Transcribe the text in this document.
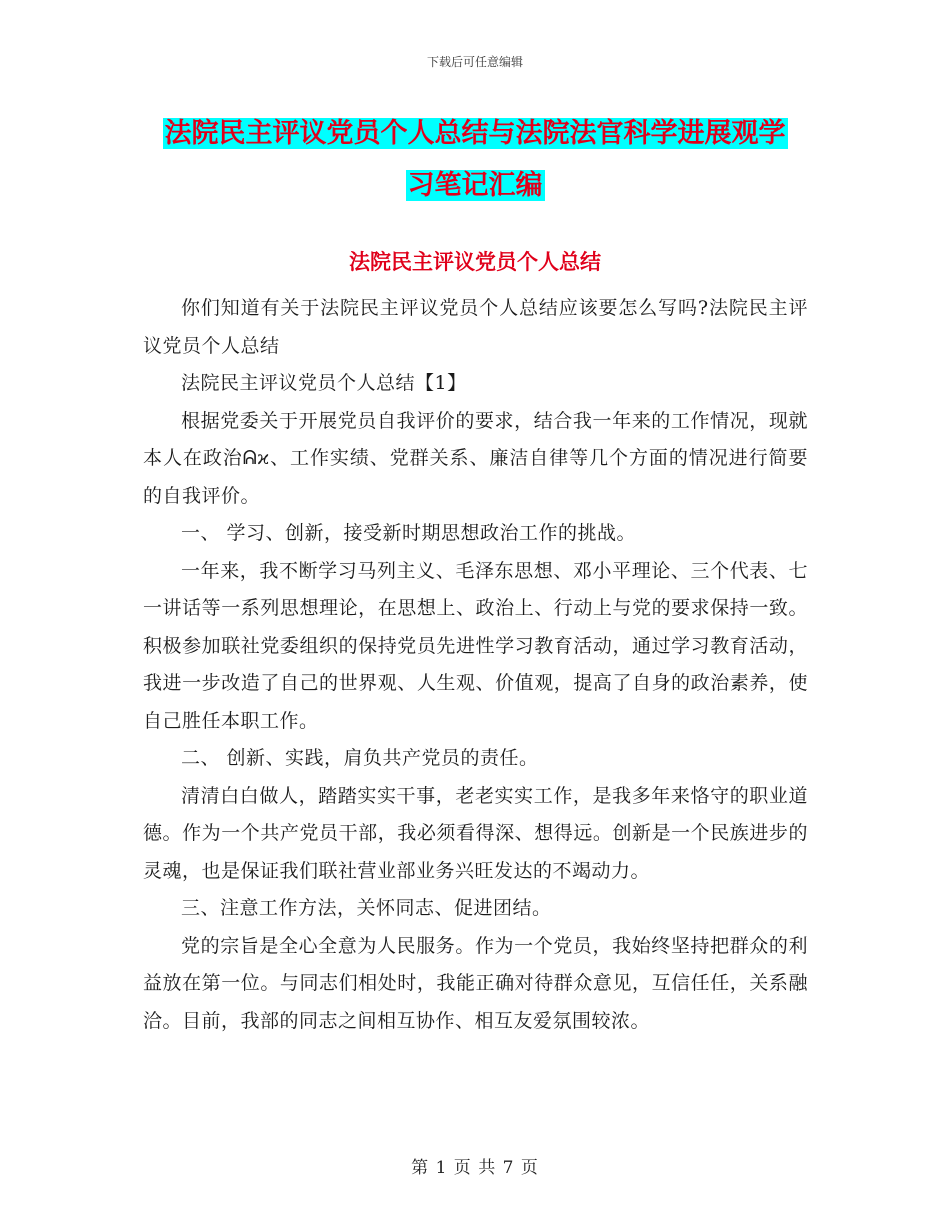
下载后可任意编辑
法院民主评议党员个人总结与法院法官科学进展观学
习笔记汇编
法院民主评议党员个人总结

你们知道有关于法院民主评议党员个人总结应该要怎么写吗?法院民主评议党员个人总结

法院民主评议党员个人总结【1】

根据党委关于开展党员自我评价的要求，结合我一年来的工作情况，现就本人在政治ᕱϰ、工作实绩、党群关系、廉洁自律等几个方面的情况进行简要的自我评价。

一、 学习、创新，接受新时期思想政治工作的挑战。

一年来，我不断学习马列主义、毛泽东思想、邓小平理论、三个代表、七一讲话等一系列思想理论，在思想上、政治上、行动上与党的要求保持一致。积极参加联社党委组织的保持党员先进性学习教育活动，通过学习教育活动，我进一步改造了自己的世界观、人生观、价值观，提高了自身的政治素养，使自己胜任本职工作。

二、 创新、实践，肩负共产党员的责任。

清清白白做人，踏踏实实干事，老老实实工作，是我多年来恪守的职业道德。作为一个共产党员干部，我必须看得深、想得远。创新是一个民族进步的灵魂，也是保证我们联社营业部业务兴旺发达的不竭动力。

三、注意工作方法，关怀同志、促进团结。

党的宗旨是全心全意为人民服务。作为一个党员，我始终坚持把群众的利益放在第一位。与同志们相处时，我能正确对待群众意见，互信任任，关系融洽。目前，我部的同志之间相互协作、相互友爱氛围较浓。

第 1 页 共 7 页
